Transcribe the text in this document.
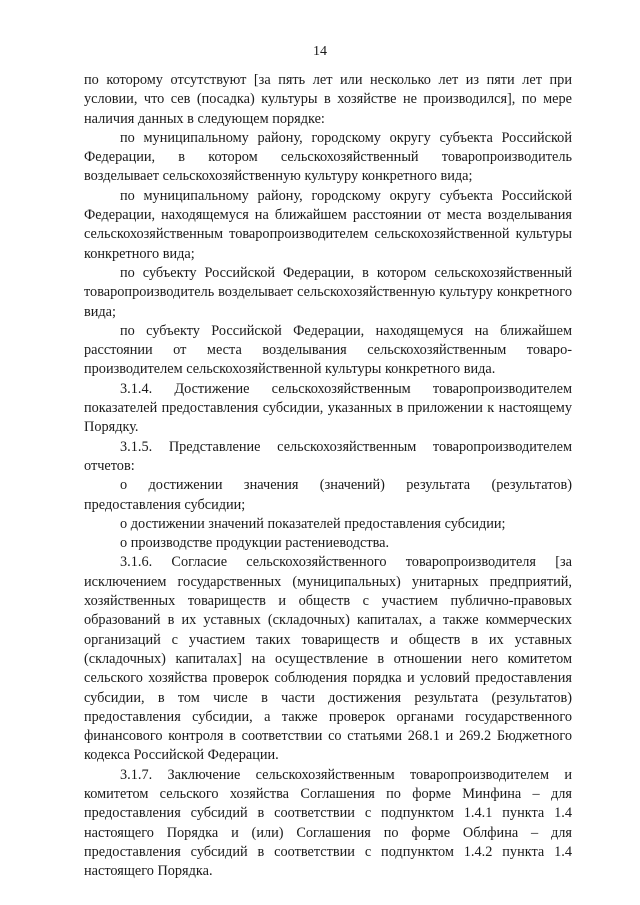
14

по которому отсутствуют [за пять лет или несколько лет из пяти лет при условии, что сев (посадка) культуры в хозяйстве не производился], по мере наличия данных в следующем порядке:

по муниципальному району, городскому округу субъекта Российской Федерации, в котором сельскохозяйственный товаропроизводитель возделывает сельскохозяйственную культуру конкретного вида;

по муниципальному району, городскому округу субъекта Российской Федерации, находящемуся на ближайшем расстоянии от места возделывания сельскохозяйственным товаропроизводителем сельскохозяйственной культуры конкретного вида;

по субъекту Российской Федерации, в котором сельскохозяйственный товаропроизводитель возделывает сельскохозяйственную культуру конкретного вида;

по субъекту Российской Федерации, находящемуся на ближайшем расстоянии от места возделывания сельскохозяйственным товаропроизводителем сельскохозяйственной культуры конкретного вида.

3.1.4. Достижение сельскохозяйственным товаропроизводителем показателей предоставления субсидии, указанных в приложении к настоящему Порядку.

3.1.5. Представление сельскохозяйственным товаропроизводителем отчетов:

о достижении значения (значений) результата (результатов) предоставления субсидии;

о достижении значений показателей предоставления субсидии;

о производстве продукции растениеводства.

3.1.6. Согласие сельскохозяйственного товаропроизводителя [за исключением государственных (муниципальных) унитарных предприятий, хозяйственных товариществ и обществ с участием публично-правовых образований в их уставных (складочных) капиталах, а также коммерческих организаций с участием таких товариществ и обществ в их уставных (складочных) капиталах] на осуществление в отношении него комитетом сельского хозяйства проверок соблюдения порядка и условий предоставления субсидии, в том числе в части достижения результата (результатов) предоставления субсидии, а также проверок органами государственного финансового контроля в соответствии со статьями 268.1 и 269.2 Бюджетного кодекса Российской Федерации.

3.1.7. Заключение сельскохозяйственным товаропроизводителем и комитетом сельского хозяйства Соглашения по форме Минфина – для предоставления субсидий в соответствии с подпунктом 1.4.1 пункта 1.4 настоящего Порядка и (или) Соглашения по форме Облфина – для предоставления субсидий в соответствии с подпунктом 1.4.2 пункта 1.4 настоящего Порядка.
